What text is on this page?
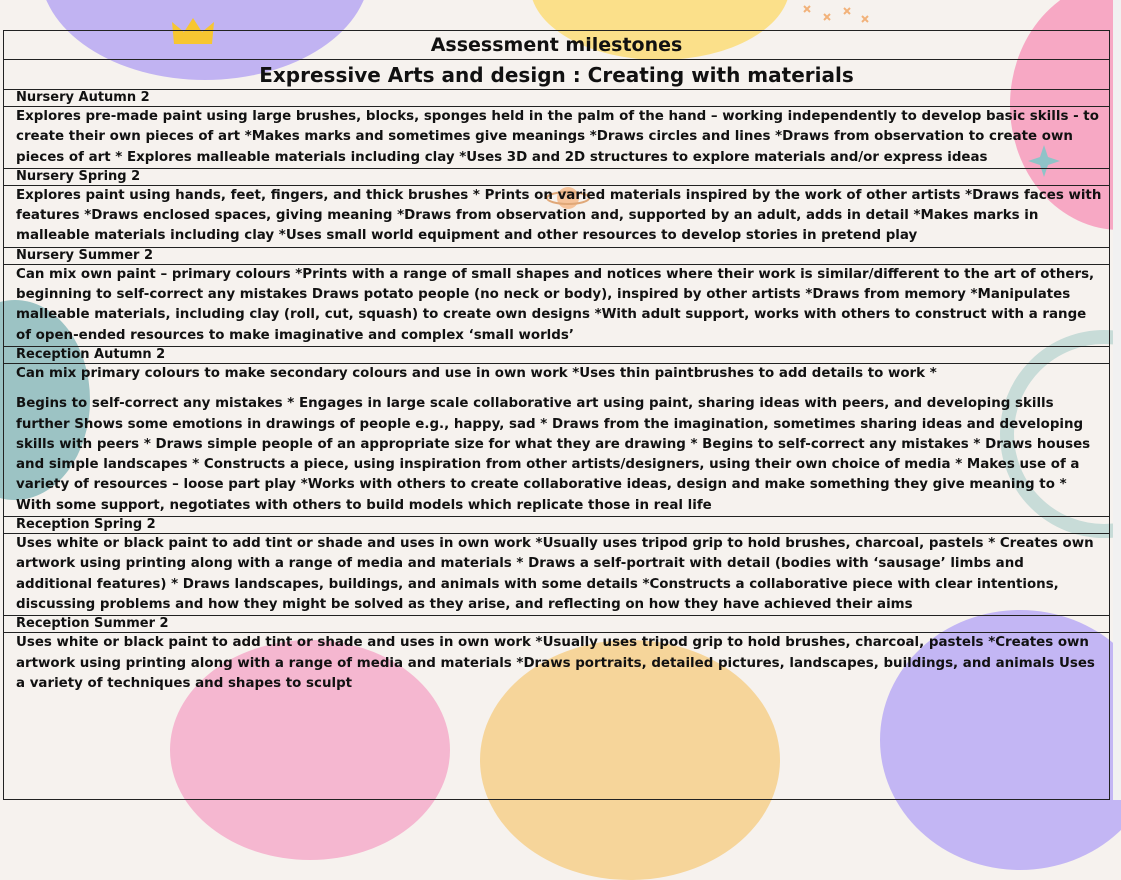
Assessment milestones
Expressive Arts and design : Creating with materials
Nursery Autumn 2

Explores pre-made paint using large brushes, blocks, sponges held in the palm of the hand – working independently to develop basic skills - to create their own pieces of art *Makes marks and sometimes give meanings *Draws circles and lines *Draws from observation to create own pieces of art * Explores malleable materials including clay *Uses 3D and 2D structures to explore materials and/or express ideas

Nursery Spring 2

Explores paint using hands, feet, fingers, and thick brushes * Prints on varied materials inspired by the work of other artists *Draws faces with features *Draws enclosed spaces, giving meaning *Draws from observation and, supported by an adult, adds in detail *Makes marks in malleable materials including clay *Uses small world equipment and other resources to develop stories in pretend play

Nursery Summer 2

Can mix own paint – primary colours *Prints with a range of small shapes and notices where their work is similar/different to the art of others, beginning to self-correct any mistakes Draws potato people (no neck or body), inspired by other artists *Draws from memory *Manipulates malleable materials, including clay (roll, cut, squash) to create own designs *With adult support, works with others to construct with a range of open-ended resources to make imaginative and complex ‘small worlds’

Reception Autumn 2

Can mix primary colours to make secondary colours and use in own work *Uses thin paintbrushes to add details to work *

Begins to self-correct any mistakes * Engages in large scale collaborative art using paint, sharing ideas with peers, and developing skills further Shows some emotions in drawings of people e.g., happy, sad * Draws from the imagination, sometimes sharing ideas and developing skills with peers * Draws simple people of an appropriate size for what they are drawing * Begins to self-correct any mistakes * Draws houses and simple landscapes * Constructs a piece, using inspiration from other artists/designers, using their own choice of media * Makes use of a variety of resources – loose part play *Works with others to create collaborative ideas, design and make something they give meaning to * With some support, negotiates with others to build models which replicate those in real life

Reception Spring 2

Uses white or black paint to add tint or shade and uses in own work *Usually uses tripod grip to hold brushes, charcoal, pastels * Creates own artwork using printing along with a range of media and materials * Draws a self-portrait with detail (bodies with ‘sausage’ limbs and additional features) * Draws landscapes, buildings, and animals with some details *Constructs a collaborative piece with clear intentions, discussing problems and how they might be solved as they arise, and reflecting on how they have achieved their aims

Reception Summer 2

Uses white or black paint to add tint or shade and uses in own work *Usually uses tripod grip to hold brushes, charcoal, pastels *Creates own artwork using printing along with a range of media and materials *Draws portraits, detailed pictures, landscapes, buildings, and animals Uses a variety of techniques and shapes to sculpt
